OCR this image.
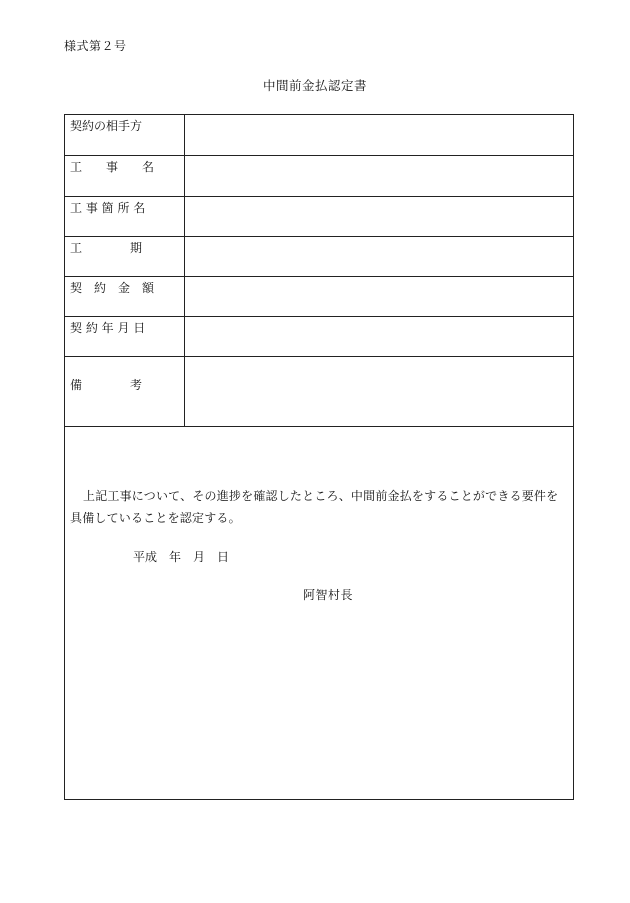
様式第２号
中間前金払認定書
契約の相手方	

工　　事　　名	

工 事 箇 所 名	

工　　　　期	

契　約　金　額	

契 約 年 月 日	

備　　　　考	

上記工事について、その進捗を確認したところ、中間前金払をすることができる要件を具備していることを認定する。
平成　年　月　日
阿智村長
